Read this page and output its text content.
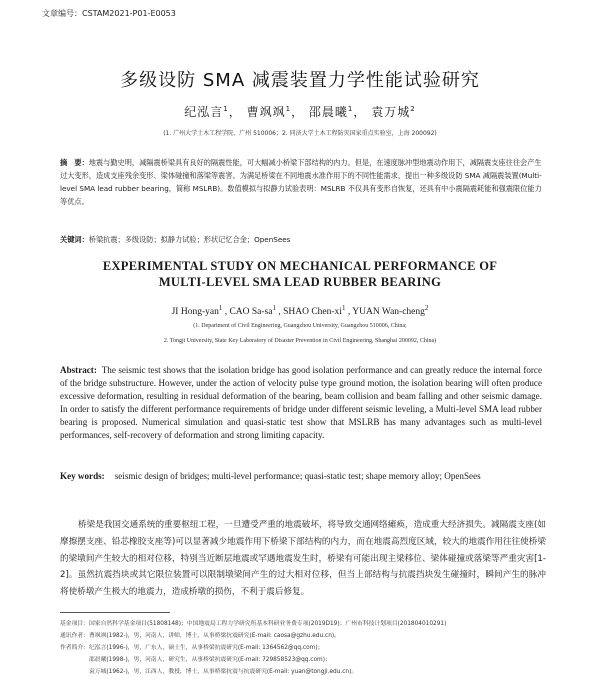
文章编号：CSTAM2021-P01-E0053
多级设防 SMA 减震装置力学性能试验研究
纪泓言$^1$， 曹飒飒$^1$， 邵晨曦$^1$， 袁万城$^2$
(1. 广州大学土木工程学院，广州 510006；2. 同济大学土木工程防灾国家重点实验室，上海 200092)
摘　要：地震与勤史明，减隔震桥梁具有良好的隔震性能，可大幅减小桥梁下部结构的内力。但是，在速度脉冲型地震动作用下，减隔震支座往往会产生过大变形，造成支座残余变形、梁体碰撞和落梁等震害。为满足桥梁在不同地震水准作用下的不同性能需求，提出一种多级设防 SMA 减隔震装置(Multi-level SMA lead rubber bearing，简称 MSLRB)。数值模拟与拟静力试验表明：MSLRB 不仅具有变形自恢复，还具有中小震隔震耗能和强震限位能力等优点。
关键词：桥梁抗震；多级设防；拟静力试验；形状记忆合金；OpenSees
EXPERIMENTAL STUDY ON MECHANICAL PERFORMANCE OF
MULTI-LEVEL SMA LEAD RUBBER BEARING
JI Hong-yan$^1$ , CAO $Sa-sa^1$ , SHAO Chen-$xi^1$ , YUAN Wan-cheng$^2$
(1. Department of Civil Engineering, Guangzhou University, Guangzhou 510006, China;
2. Tongji University, State Key Laboratory of Disaster Prevention in Civil Engineering, Shanghai 200092, China)
Abstract: The seismic test shows that the isolation bridge has good isolation performance and can greatly reduce the internal force of the bridge substructure. However, under the action of velocity pulse type ground motion, the isolation bearing will often produce excessive deformation, resulting in residual deformation of the bearing, beam collision and beam falling and other seismic damage. In order to satisfy the different performance requirements of bridge under different seismic leveling, a Multi-level SMA lead rubber bearing is proposed. Numerical simulation and quasi-static test show that MSLRB has many advantages such as multi-level performances, self-recovery of deformation and strong limiting capacity.
Key words: seismic design of bridges; multi-level performance; quasi-static test; shape memory alloy; OpenSees
桥梁是我国交通系统的重要枢纽工程，一旦遭受严重的地震破坏，将导致交通网络瘫痪，造成重大经济损失。减隔震支座(如摩擦摆支座、铅芯橡胶支座等)可以显著减少地震作用下桥梁下部结构的内力，而在地震高烈度区域，较大的地震作用往往使桥梁的梁墩间产生较大的相对位移，特别当近断层地震或罕遇地震发生时，桥梁有可能出现主梁移位、梁体碰撞或落梁等严重灾害[1-2]。虽然抗震挡块或其它限位装置可以限制墩梁间产生的过大相对位移，但当上部结构与抗震挡块发生碰撞时，瞬间产生的脉冲将使桥墩产生极大的地震力，造成桥墩的损伤，不利于震后修复。
基金项目：国家自然科学基金项目(51808148)；中国地震局工程力学研究所基本科研业务费专项(2019D19)；广州市科技计划项目(201804010291)
通讯作者：曹飒飒(1982-)，男，河南人，讲师，博士，从事桥梁抗震研究(E-mail: caosa@gzhu.edu.cn)。
作者简介：纪泓言(1996-)，男，广东人，硕士生，从事桥梁抗震研究(E-mail: 1364562@qq.com)；
　　　　　邵晨曦(1998-)，男，河南人，研究生，从事桥梁抗震研究(E-mail: 729858523@qq.com)；
　　　　　袁万城(1962-)，男，江西人，教授，博士，从事桥梁抗震与抗震研究(E-mail: yuan@tongji.edu.cn)。
